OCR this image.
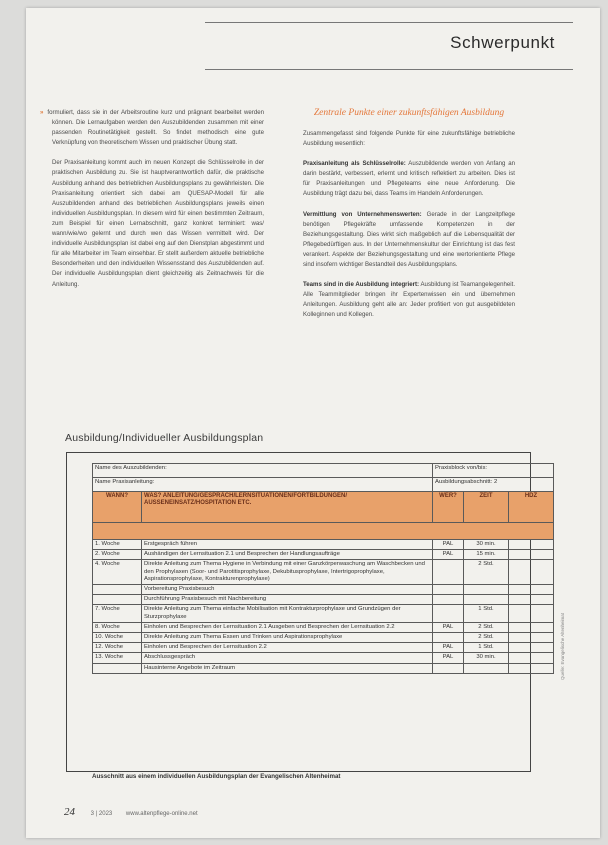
Schwerpunkt

» formuliert, dass sie in der Arbeitsroutine kurz und prägnant bearbeitet werden können. Die Lernaufgaben werden den Auszubildenden zusammen mit einer passenden Routinetätigkeit gestellt. So findet methodisch eine gute Verknüpfung von theoretischem Wissen und praktischer Übung statt.

Der Praxisanleitung kommt auch im neuen Konzept die Schlüsselrolle in der praktischen Ausbildung zu. Sie ist hauptverantwortlich dafür, die praktische Ausbildung anhand des betrieblichen Ausbildungsplans zu gewährleisten. Die Praxisanleitung orientiert sich dabei am QUESAP-Modell für alle Auszubildenden anhand des betrieblichen Ausbildungsplans jeweils einen individuellen Ausbildungsplan. In diesem wird für einen bestimmten Zeitraum, zum Beispiel für einen Lernabschnitt, ganz konkret terminiert: was/ wann/wie/wo gelernt und durch wen das Wissen vermittelt wird. Der individuelle Ausbildungsplan ist dabei eng auf den Dienstplan abgestimmt und für alle Mitarbeiter im Team einsehbar. Er stellt außerdem aktuelle betriebliche Besonderheiten und den individuellen Wissensstand des Auszubildenden auf. Der individuelle Ausbildungsplan dient gleichzeitig als Zeitnachweis für die Anleitung.

Zentrale Punkte einer zukunftsfähigen Ausbildung

Zusammengefasst sind folgende Punkte für eine zukunftsfähige betriebliche Ausbildung wesentlich:

Praxisanleitung als Schlüsselrolle: Auszubildende werden von Anfang an darin bestärkt, verbessert, erlernt und kritisch reflektiert zu arbeiten. Dies ist für Praxisanleitungen und Pflegeteams eine neue Anforderung. Die Ausbildung trägt dazu bei, dass Teams im Handeln Anforderungen.

Vermittlung von Unternehmenswerten: Gerade in der Langzeitpflege benötigen Pflegekräfte umfassende Kompetenzen in der Beziehungsgestaltung. Dies wirkt sich maßgeblich auf die Lebensqualität der Pflegebedürftigen aus. In der Unternehmenskultur der Einrichtung ist das fest verankert. Aspekte der Beziehungsgestaltung und eine wertorientierte Pflege sind insofern wichtiger Bestandteil des Ausbildungsplans.

Teams sind in die Ausbildung integriert: Ausbildung ist Teamangelegenheit. Alle Teammitglieder bringen ihr Expertenwissen ein und übernehmen Anleitungen. Ausbildung geht alle an: Jeder profitiert von gut ausgebildeten Kolleginnen und Kollegen.

Ausbildung/Individueller Ausbildungsplan
Name des Auszubildenden:		Praxisblock von/bis:		
Name Praxisanleitung:		Ausbildungsabschnitt: 2		
WANN?	WAS? ANLEITUNG/GESPRÄCH/LERNSITUATIONEN/FORTBILDUNGEN/ AUSSENEINSATZ/HOSPITATION ETC.	WER?	ZEIT	HDZ

1. Woche	Erstgespräch führen	PAL	30 min.	
2. Woche	Aushändigen der Lernsituation 2.1 und Besprechen der Handlungsaufträge	PAL	15 min.	
4. Woche	Direkte Anleitung zum Thema Hygiene in Verbindung mit einer Ganzkörperwaschung am Waschbecken und den Prophylaxen (Soor- und Parotitisprophylaxe, Dekubitusprophylaxe, Intertrigoprophylaxe, Aspirationsprophylaxe, Kontrakturenprophylaxe)		2 Std.	
	Vorbereitung Praxisbesuch			
	Durchführung Praxisbesuch mit Nachbereitung			
7. Woche	Direkte Anleitung zum Thema einfache Mobilisation mit Kontrakturprophylaxe und Grundzügen der Sturzprophylaxe		1 Std.	
8. Woche	Einholen und Besprechen der Lernsituation 2.1 Ausgeben und Besprechen der Lernsituation 2.2	PAL	2 Std.	
10. Woche	Direkte Anleitung zum Thema Essen und Trinken und Aspirationsprophylaxe		2 Std.	
12. Woche	Einholen und Besprechen der Lernsituation 2.2	PAL	1 Std.	
13. Woche	Abschlussgespräch	PAL	30 min.	
	Hausinterne Angebote im Zeitraum			
Ausschnitt aus einem individuellen Ausbildungsplan der Evangelischen Altenheimat
24	3 | 2023 www.altenpflege-online.net
Quelle: Evangelische Altenheimat
